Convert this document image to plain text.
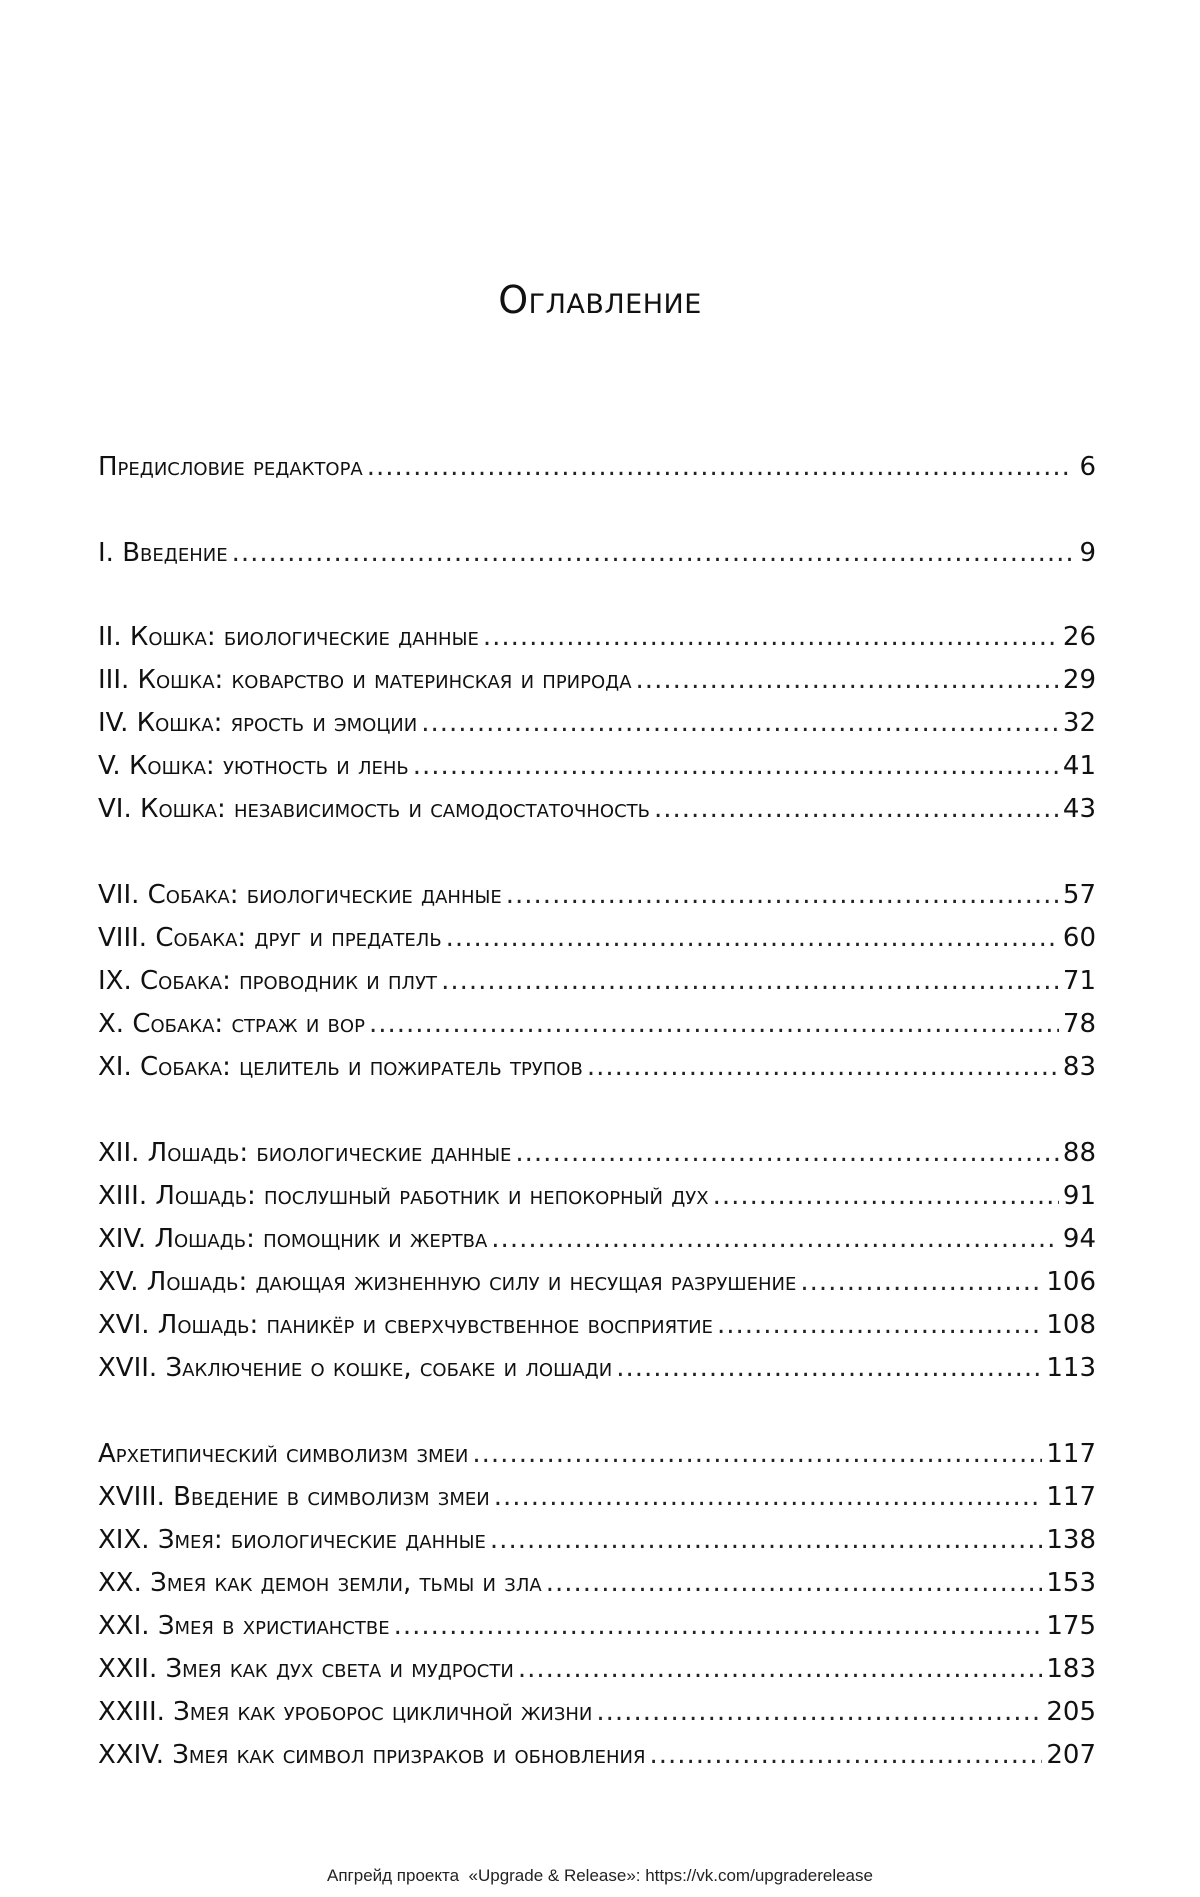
Оглавление
Предисловие редактора .....	6
I. Введение .....	9
II. Кошка: биологические данные .....	26
III. Кошка: коварство и материнская и природа .....	29
IV. Кошка: ярость и эмоции .....	32
V. Кошка: уютность и лень .....	41
VI. Кошка: независимость и самодостаточность .....	43
VII. Собака: биологические данные .....	57
VIII. Собака: друг и предатель .....	60
IX. Собака: проводник и плут .....	71
X. Собака: страж и вор .....	78
XI. Собака: целитель и пожиратель трупов .....	83
XII. Лошадь: биологические данные .....	88
XIII. Лошадь: послушный работник и непокорный дух .....	91
XIV. Лошадь: помощник и жертва .....	94
XV. Лошадь: дающая жизненную силу и несущая разрушение .....	106
XVI. Лошадь: паникёр и сверхчувственное восприятие .....	108
XVII. Заключение о кошке, собаке и лошади .....	113
Архетипический символизм змеи .....	117
XVIII. Введение в символизм змеи .....	117
XIX. Змея: биологические данные .....	138
XX. Змея как демон земли, тьмы и зла .....	153
XXI. Змея в христианстве .....	175
XXII. Змея как дух света и мудрости .....	183
XXIII. Змея как уроборос цикличной жизни .....	205
XXIV. Змея как символ призраков и обновления .....	207
Апгрейд проекта  «Upgrade & Release»: https://vk.com/upgraderelease
